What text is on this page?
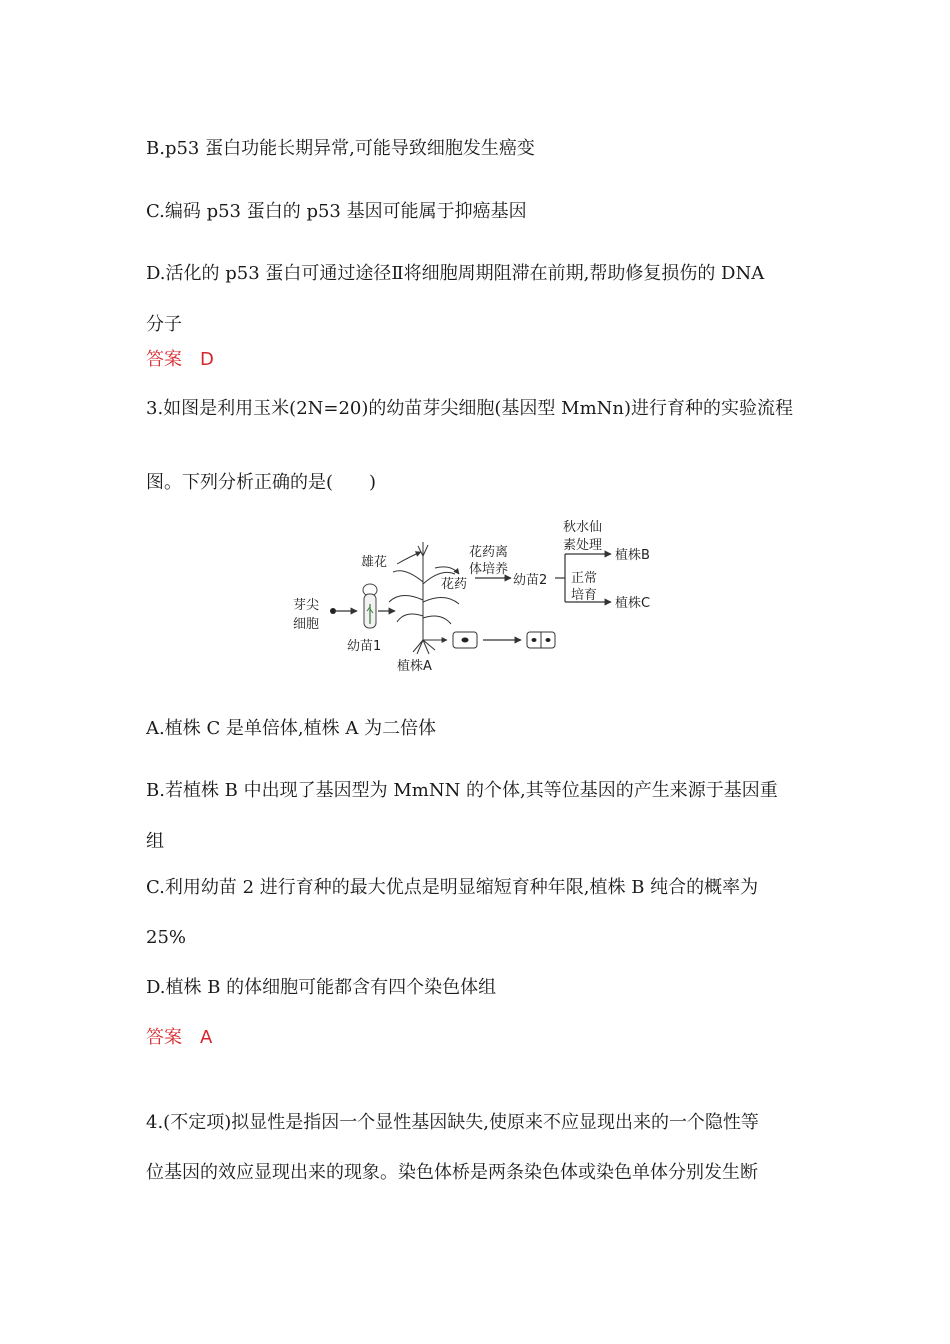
B.p53 蛋白功能长期异常,可能导致细胞发生癌变
C.编码 p53 蛋白的 p53 基因可能属于抑癌基因
D.活化的 p53 蛋白可通过途径Ⅱ将细胞周期阻滞在前期,帮助修复损伤的 DNA
分子
答案 D
3.如图是利用玉米(2N=20)的幼苗芽尖细胞(基因型 MmNn)进行育种的实验流程
图。下列分析正确的是(　　)
芽尖
细胞
幼苗1
雄花
植株A
花药
花药离
体培养
幼苗2
秋水仙
素处理
植株B
正常
培育
植株C
A.植株 C 是单倍体,植株 A 为二倍体
B.若植株 B 中出现了基因型为 MmNN 的个体,其等位基因的产生来源于基因重
组
C.利用幼苗 2 进行育种的最大优点是明显缩短育种年限,植株 B 纯合的概率为
25%
D.植株 B 的体细胞可能都含有四个染色体组
答案 A
4.(不定项)拟显性是指因一个显性基因缺失,使原来不应显现出来的一个隐性等
位基因的效应显现出来的现象。染色体桥是两条染色体或染色单体分别发生断
